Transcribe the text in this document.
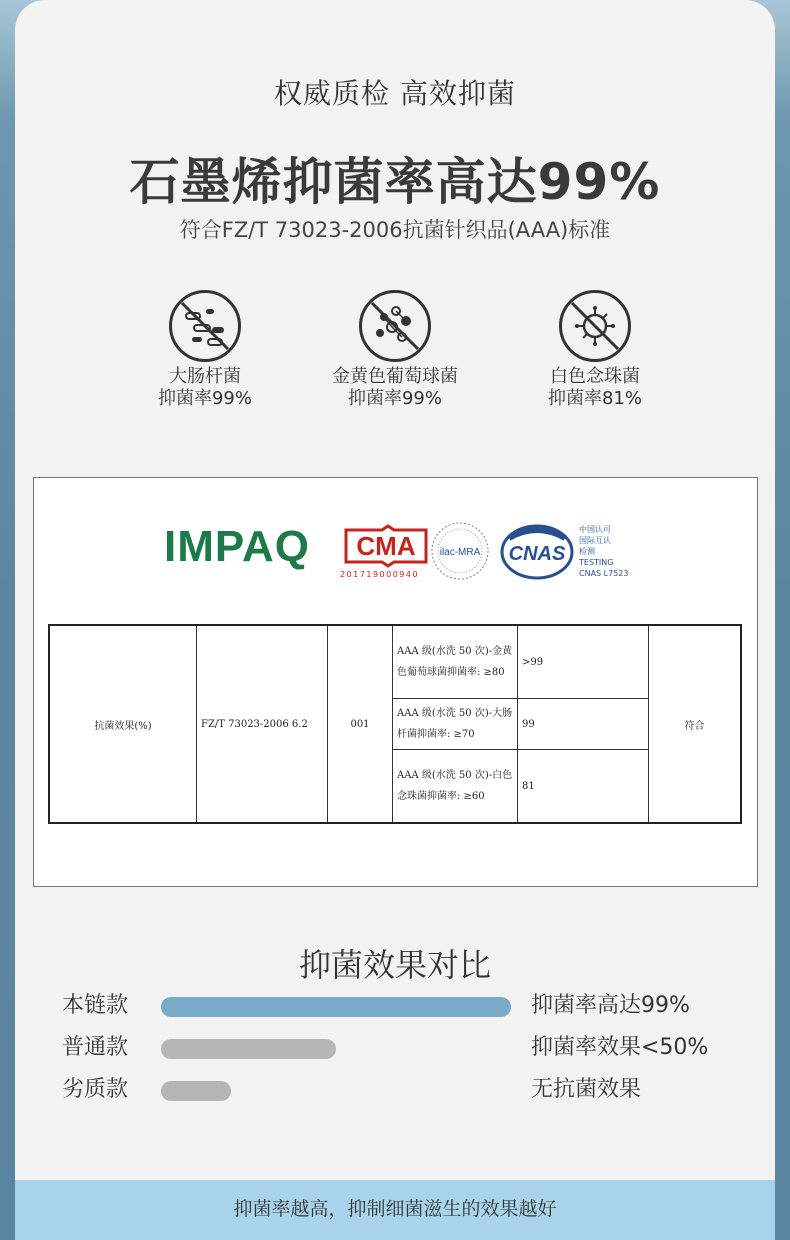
权威质检 高效抑菌
石墨烯抑菌率高达99%
符合FZ/T 73023-2006抗菌针织品(AAA)标准
大肠杆菌
抑菌率99%
金黄色葡萄球菌
抑菌率99%
白色念珠菌
抑菌率81%
IMPAQ CMA
201719000940
ilac-MRA CNAS
中国认可
国际互认
检测
TESTING
CNAS L7523
抗菌效果(%)	FZ/T 73023-2006 6.2	001	AAA 级(水洗 50 次)-金黄色葡萄球菌抑菌率: ≥80	>99	符合
			AAA 级(水洗 50 次)-大肠杆菌抑菌率: ≥70	99	
			AAA 级(水洗 50 次)-白色念珠菌抑菌率: ≥60	81	
抑菌效果对比
本链款	抑菌率高达99%
普通款	抑菌率效果<50%
劣质款	无抗菌效果
抑菌率越高，抑制细菌滋生的效果越好
